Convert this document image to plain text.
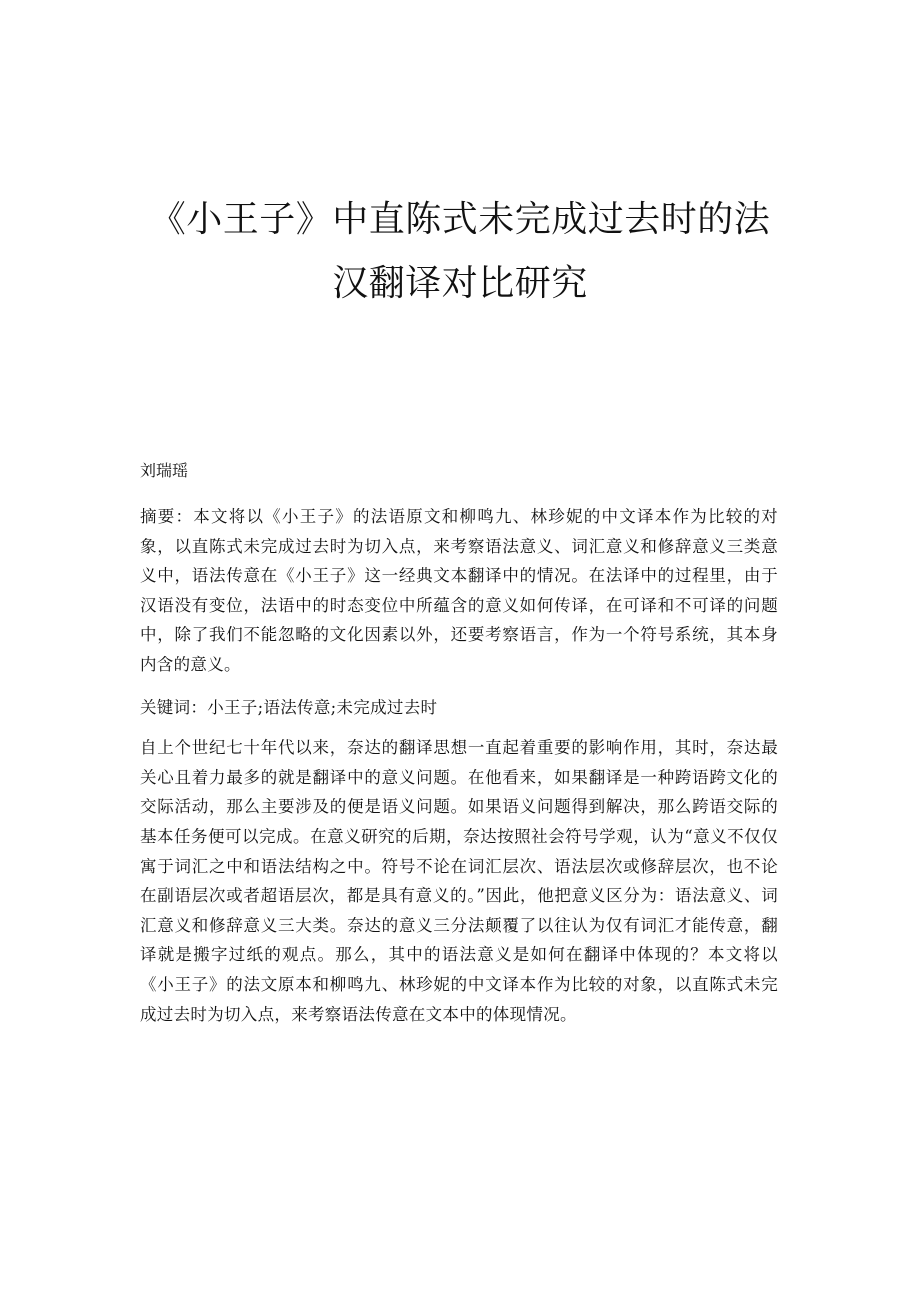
《小王子》中直陈式未完成过去时的法
汉翻译对比研究

刘瑞瑶

摘要：本文将以《小王子》的法语原文和柳鸣九、林珍妮的中文译本作为比较的对象，以直陈式未完成过去时为切入点，来考察语法意义、词汇意义和修辞意义三类意义中，语法传意在《小王子》这一经典文本翻译中的情况。在法译中的过程里，由于汉语没有变位，法语中的时态变位中所蕴含的意义如何传译，在可译和不可译的问题中，除了我们不能忽略的文化因素以外，还要考察语言，作为一个符号系统，其本身内含的意义。

关键词：小王子;语法传意;未完成过去时

自上个世纪七十年代以来，奈达的翻译思想一直起着重要的影响作用，其时，奈达最关心且着力最多的就是翻译中的意义问题。在他看来，如果翻译是一种跨语跨文化的交际活动，那么主要涉及的便是语义问题。如果语义问题得到解决，那么跨语交际的基本任务便可以完成。在意义研究的后期，奈达按照社会符号学观，认为“意义不仅仅寓于词汇之中和语法结构之中。符号不论在词汇层次、语法层次或修辞层次，也不论在副语层次或者超语层次，都是具有意义的。”因此，他把意义区分为：语法意义、词汇意义和修辞意义三大类。奈达的意义三分法颠覆了以往认为仅有词汇才能传意，翻译就是搬字过纸的观点。那么，其中的语法意义是如何在翻译中体现的？本文将以《小王子》的法文原本和柳鸣九、林珍妮的中文译本作为比较的对象，以直陈式未完成过去时为切入点，来考察语法传意在文本中的体现情况。
